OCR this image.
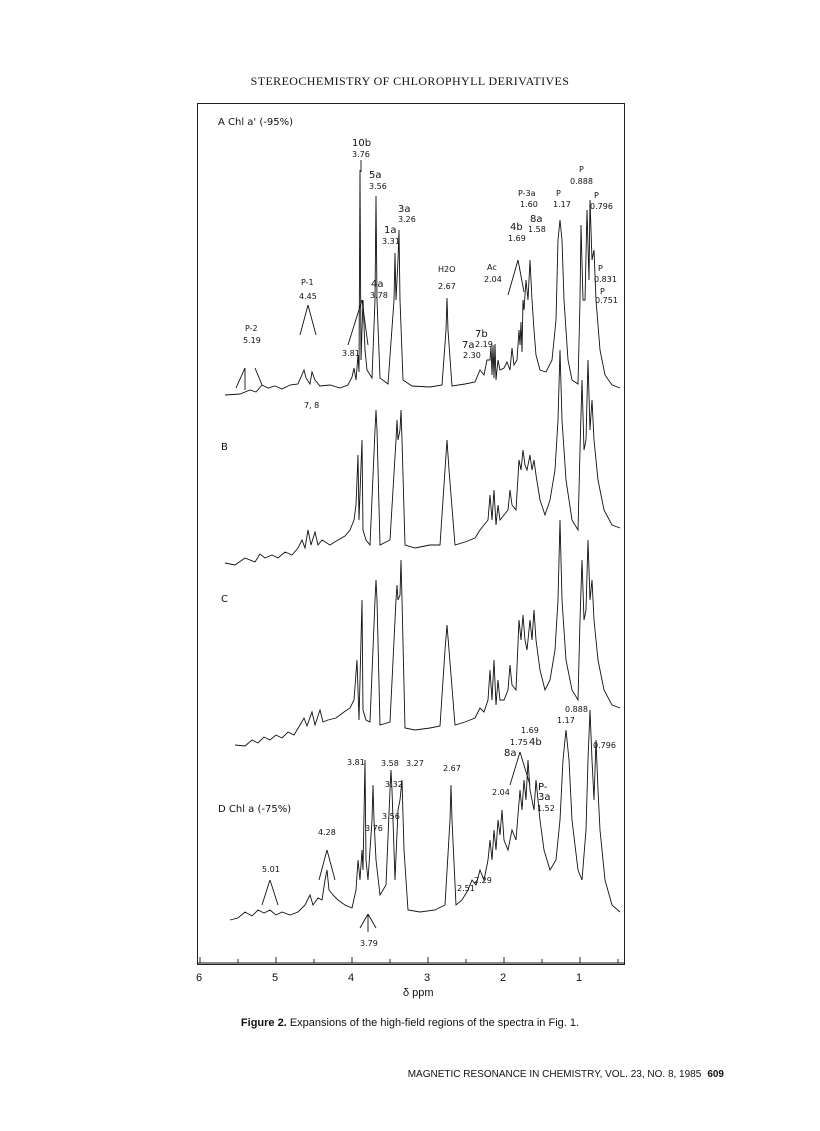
STEREOCHEMISTRY OF CHLOROPHYLL DERIVATIVES
6	5	4	3	2	1
δ ppm
A Chl a' (-95%)
B
C
D Chl a (-75%)
10b
3.76
5a
3.56
3a
3.26
1a
3.31
H2O
2.67
Ac
2.04
P-3a
1.60
4b
1.69
8a
1.58
P
1.17
P
0.888
P
0.796
P
0.831
P
0.751
P-1
4.45
4a
3.78
P-2
5.19
7b
2.19
7a
2.30
3.81
7, 8
0.888
1.17
0.796
1.69
1.75 4b
8a
3.81 3.58
3.32
3.27
2.67
2.04	P-
3a
1.52
3.56
3.76
4.28
5.01
2.29
2.51
3.79
Figure 2. Expansions of the high-field regions of the spectra in Fig. 1.
MAGNETIC RESONANCE IN CHEMISTRY, VOL. 23, NO. 8, 1985 609
